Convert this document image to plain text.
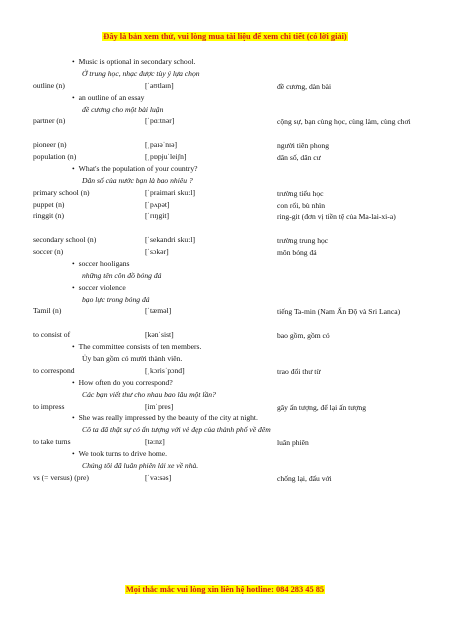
Đây là bản xem thử, vui lòng mua tài liệu để xem chi tiết (có lời giải)
• Music is optional in secondary school.
Ở trung học, nhạc được tùy ý lựa chọn
outline (n)	[ˈaʊtlaɪn]	đề cương, dàn bài
• an outline of an essay
đề cương cho một bài luận
partner (n)	[ˈpɑːtnər]	cộng sự, bạn cùng học, cùng làm, cùng chơi
pioneer (n)	[ˌpaɪəˈnɪə]	người tiên phong
population (n)	[ˌpɒpjuˈleiʃn]	dân số, dân cư
• What's the population of your country?
Dân số của nước bạn là bao nhiêu ?
primary school (n)	[ˈpraimari sku:l]	trường tiểu học
puppet (n)	[ˈpʌpət]	con rối, bù nhìn
ringgit (n)	[ˈrɪŋgit]	ring-git (đơn vị tiền tệ của Ma-lai-xi-a)
secondary school (n)	[ˈsekandri sku:l]	trường trung học
soccer (n)	[ˈsɔkər]	môn bóng đá
• soccer hooligans
những tên côn đồ bóng đá
• soccer violence
bạo lực trong bóng đá
Tamil (n)	[ˈtæməl]	tiếng Ta-min (Nam Ấn Độ và Sri Lanca)
to consist of	[kənˈsist]	bao gồm, gồm có
• The committee consists of ten members.
Ủy ban gồm có mười thành viên.
to correspond	[ˌkɔrisˈpɔnd]	trao đổi thư từ
• How often do you correspond?
Các bạn viết thư cho nhau bao lâu một lần?
to impress	[imˈpres]	gây ấn tượng, để lại ấn tượng
• She was really impressed by the beauty of the city at night.
Cô ta đã thật sự có ấn tượng với vẻ đẹp của thành phố về đêm
to take turns	[tə:nz]	luân phiên
• We took turns to drive home.
Chúng tôi đã luân phiên lái xe về nhà.
vs (= versus) (pre)	[ˈvə:səs]	chống lại, đấu với
Mọi thắc mắc vui lòng xin liên hệ hotline: 084 283 45 85
